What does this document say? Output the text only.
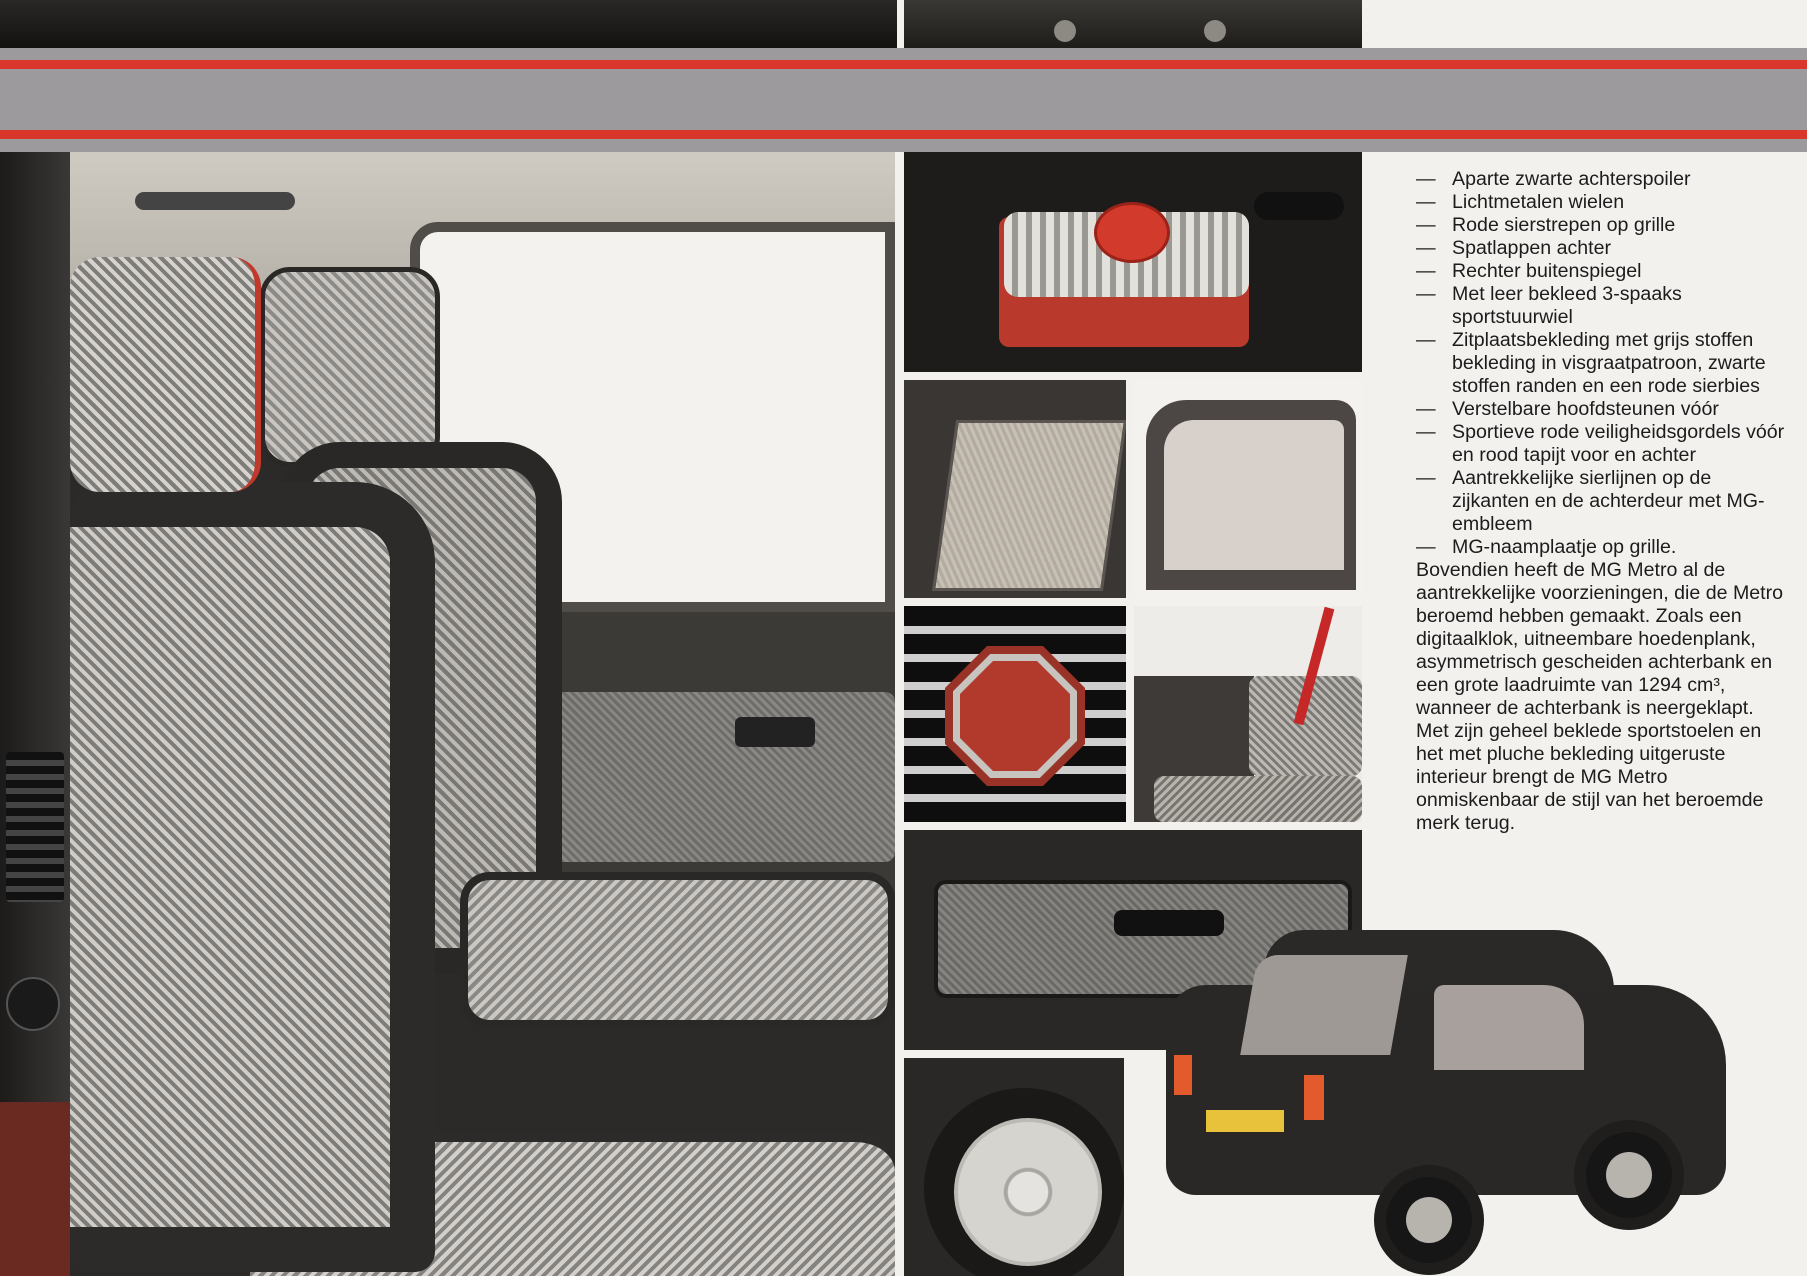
— Aparte zwarte achterspoiler
— Lichtmetalen wielen
— Rode sierstrepen op grille
— Spatlappen achter
— Rechter buitenspiegel
— Met leer bekleed 3-spaaks sportstuurwiel
— Zitplaatsbekleding met grijs stoffen bekleding in visgraatpatroon, zwarte stoffen randen en een rode sierbies
— Verstelbare hoofdsteunen vóór
— Sportieve rode veiligheidsgordels vóór en rood tapijt voor en achter
— Aantrekkelijke sierlijnen op de zijkanten en de achterdeur met MG-embleem
— MG-naamplaatje op grille.

Bovendien heeft de MG Metro al de aantrekkelijke voorzieningen, die de Metro beroemd hebben gemaakt. Zoals een digitaalklok, uitneembare hoedenplank, asymmetrisch gescheiden achterbank en een grote laadruimte van 1294 cm³, wanneer de achterbank is neergeklapt.

Met zijn geheel beklede sportstoelen en het met pluche bekleding uitgeruste interieur brengt de MG Metro onmiskenbaar de stijl van het beroemde merk terug.
